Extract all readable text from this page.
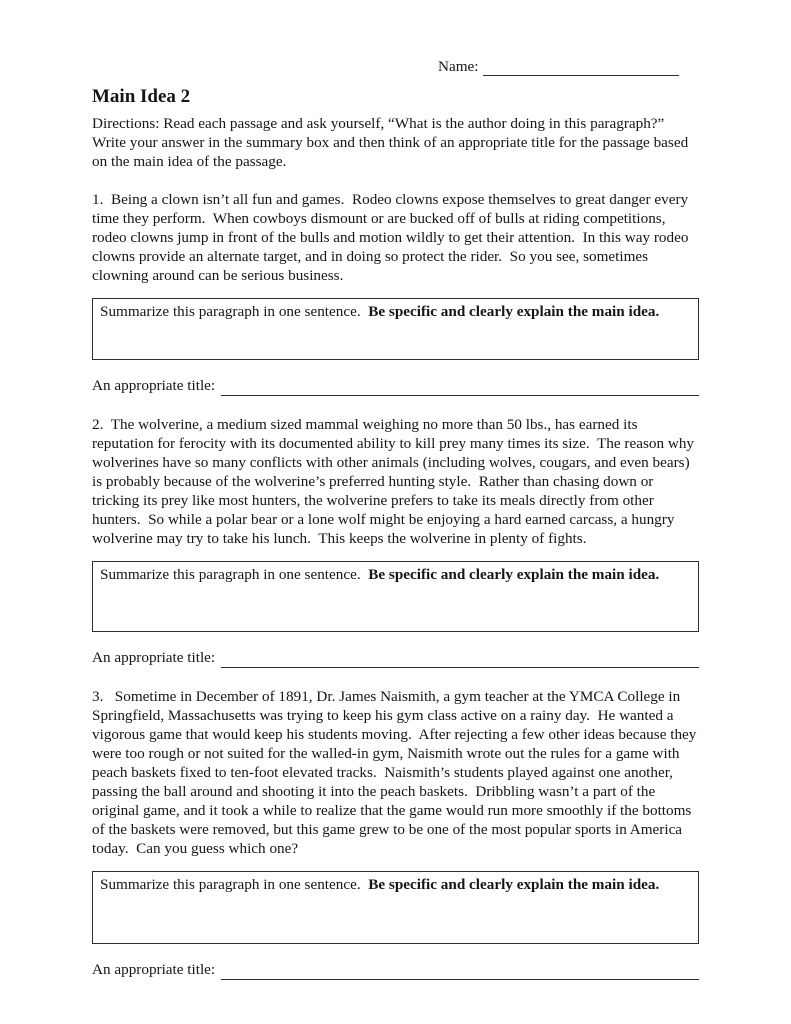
Name:
Main Idea 2

Directions: Read each passage and ask yourself, “What is the author doing in this paragraph?”  Write your answer in the summary box and then think of an appropriate title for the passage based on the main idea of the passage.

1.  Being a clown isn’t all fun and games.  Rodeo clowns expose themselves to great danger every time they perform.  When cowboys dismount or are bucked off of bulls at riding competitions, rodeo clowns jump in front of the bulls and motion wildly to get their attention.  In this way rodeo clowns provide an alternate target, and in doing so protect the rider.  So you see, sometimes clowning around can be serious business.

Summarize this paragraph in one sentence.  Be specific and clearly explain the main idea.

An appropriate title:

2.  The wolverine, a medium sized mammal weighing no more than 50 lbs., has earned its reputation for ferocity with its documented ability to kill prey many times its size.  The reason why wolverines have so many conflicts with other animals (including wolves, cougars, and even bears) is probably because of the wolverine’s preferred hunting style.  Rather than chasing down or tricking its prey like most hunters, the wolverine prefers to take its meals directly from other hunters.  So while a polar bear or a lone wolf might be enjoying a hard earned carcass, a hungry wolverine may try to take his lunch.  This keeps the wolverine in plenty of fights.

Summarize this paragraph in one sentence.  Be specific and clearly explain the main idea.

An appropriate title:

3.   Sometime in December of 1891, Dr. James Naismith, a gym teacher at the YMCA College in Springfield, Massachusetts was trying to keep his gym class active on a rainy day.  He wanted a vigorous game that would keep his students moving.  After rejecting a few other ideas because they were too rough or not suited for the walled-in gym, Naismith wrote out the rules for a game with peach baskets fixed to ten-foot elevated tracks.  Naismith’s students played against one another, passing the ball around and shooting it into the peach baskets.  Dribbling wasn’t a part of the original game, and it took a while to realize that the game would run more smoothly if the bottoms of the baskets were removed, but this game grew to be one of the most popular sports in America today.  Can you guess which one?

Summarize this paragraph in one sentence.  Be specific and clearly explain the main idea.

An appropriate title:
